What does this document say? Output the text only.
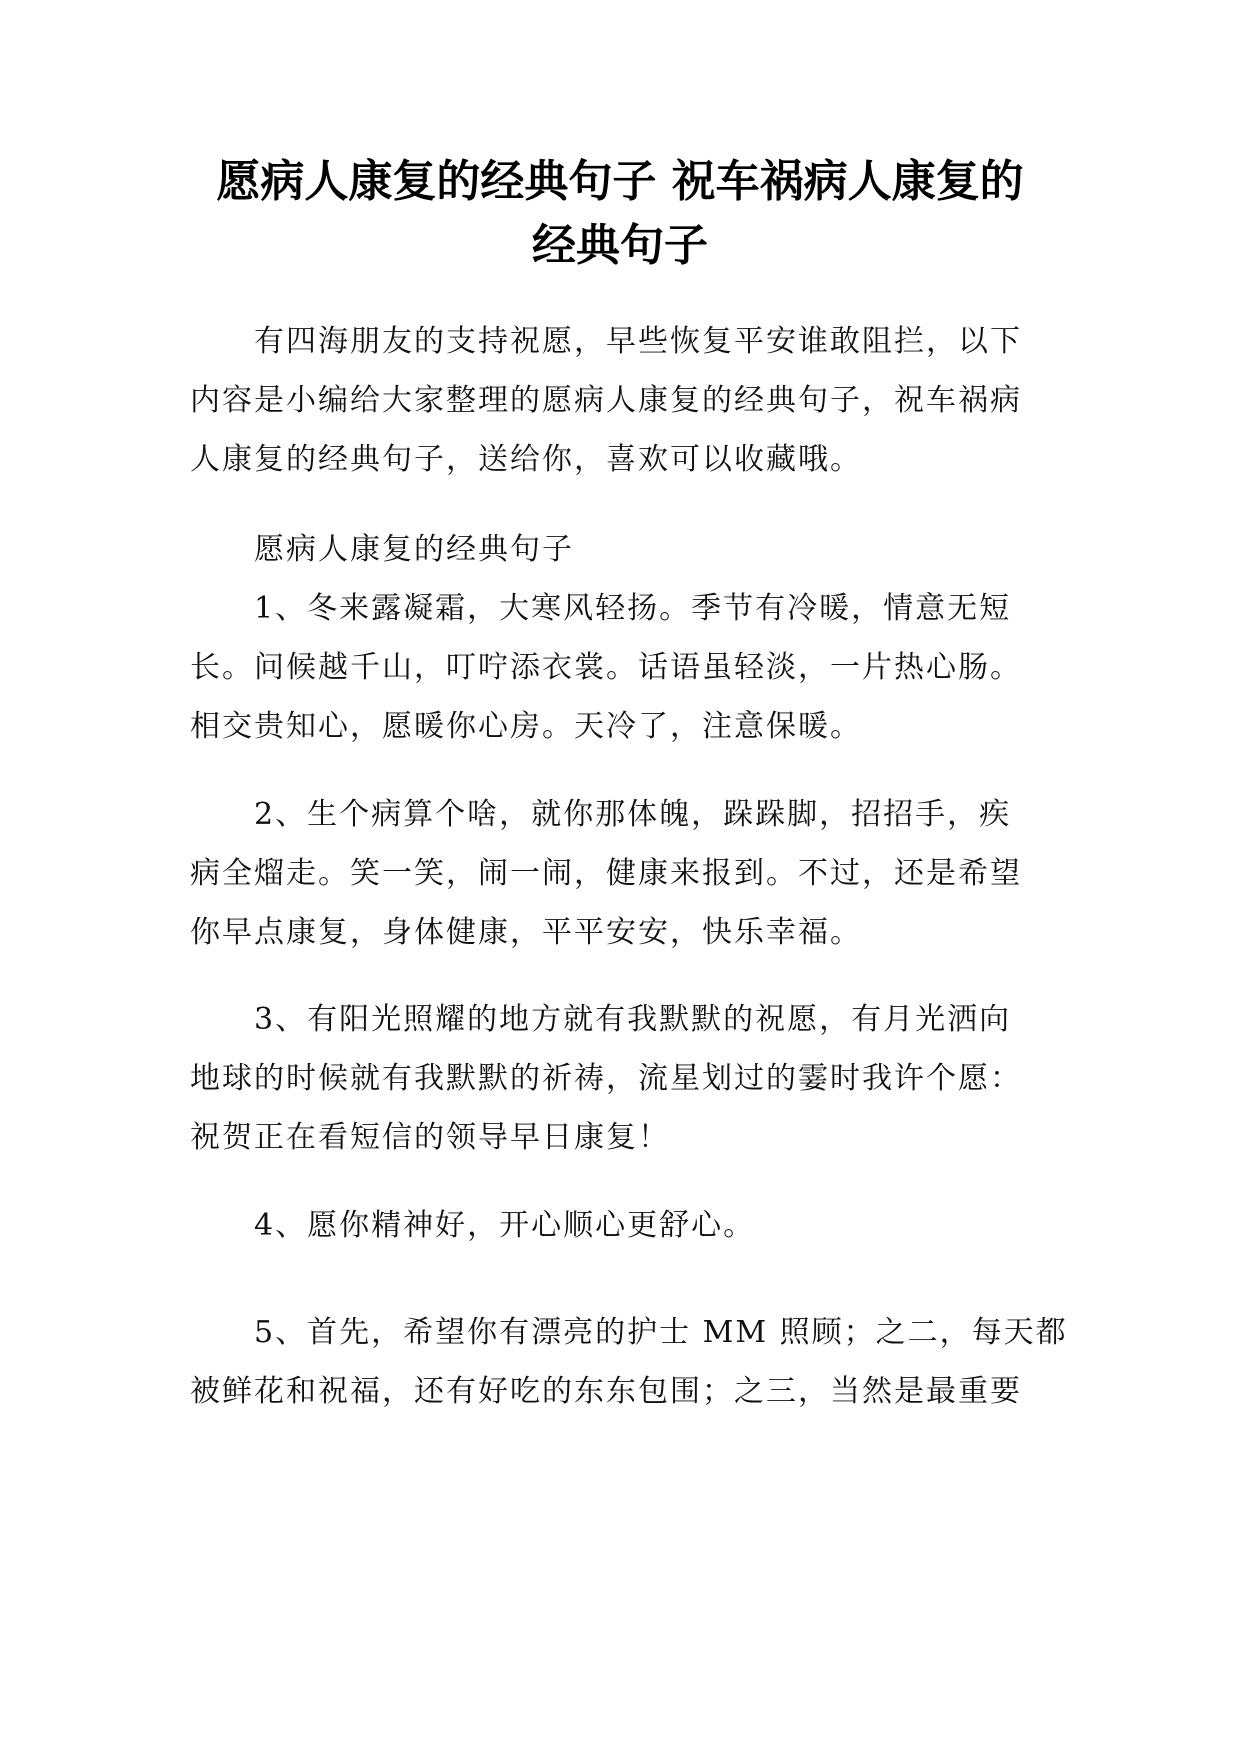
愿病人康复的经典句子 祝车祸病人康复的
经典句子

有四海朋友的支持祝愿，早些恢复平安谁敢阻拦，以下
内容是小编给大家整理的愿病人康复的经典句子，祝车祸病
人康复的经典句子，送给你，喜欢可以收藏哦。

愿病人康复的经典句子

1、冬来露凝霜，大寒风轻扬。季节有冷暖，情意无短
长。问候越千山，叮咛添衣裳。话语虽轻淡，一片热心肠。
相交贵知心，愿暖你心房。天冷了，注意保暖。

2、生个病算个啥，就你那体魄，跺跺脚，招招手，疾
病全熘走。笑一笑，闹一闹，健康来报到。不过，还是希望
你早点康复，身体健康，平平安安，快乐幸福。

3、有阳光照耀的地方就有我默默的祝愿，有月光洒向
地球的时候就有我默默的祈祷，流星划过的霎时我许个愿：
祝贺正在看短信的领导早日康复！

4、愿你精神好，开心顺心更舒心。

5、首先，希望你有漂亮的护士 MM 照顾；之二，每天都
被鲜花和祝福，还有好吃的东东包围；之三，当然是最重要
